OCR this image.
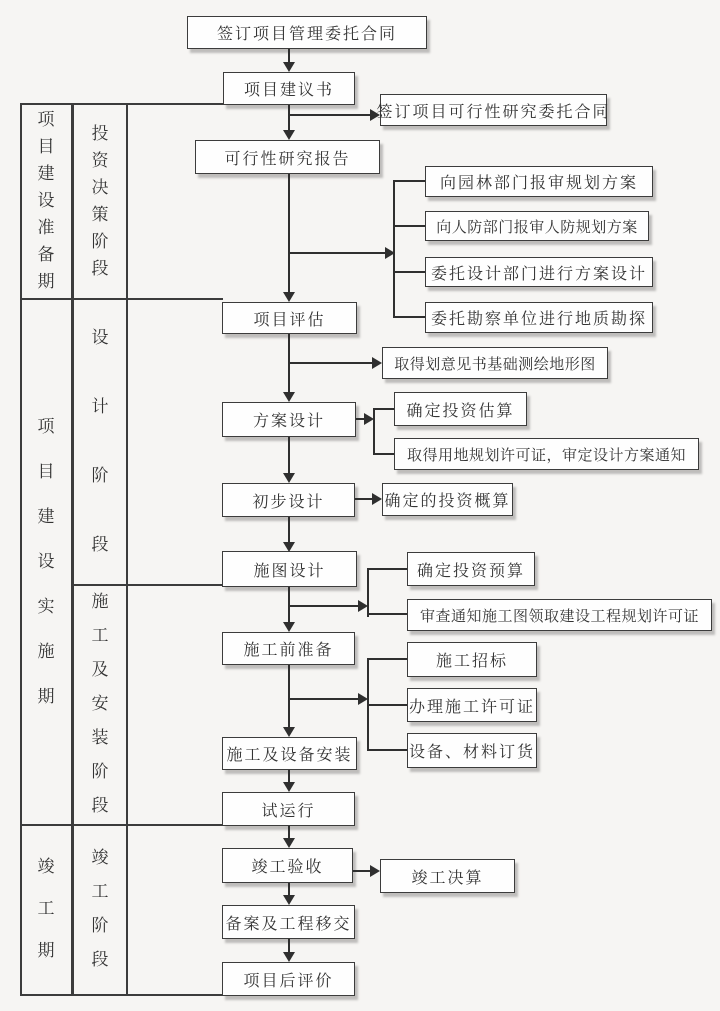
项目建设准备期
投资决策阶段
项目建设实施期
设计阶段
施工及安装阶段
竣工期
竣工阶段
签订项目管理委托合同
项目建议书
可行性研究报告
项目评估
方案设计
初步设计
施图设计
施工前准备
施工及设备安装
试运行
竣工验收
备案及工程移交
项目后评价
签订项目可行性研究委托合同
向园林部门报审规划方案
向人防部门报审人防规划方案
委托设计部门进行方案设计
委托勘察单位进行地质勘探
取得划意见书基础测绘地形图
确定投资估算
取得用地规划许可证，审定设计方案通知
确定的投资概算
确定投资预算
审查通知施工图领取建设工程规划许可证
施工招标
办理施工许可证
设备、材料订货
竣工决算
